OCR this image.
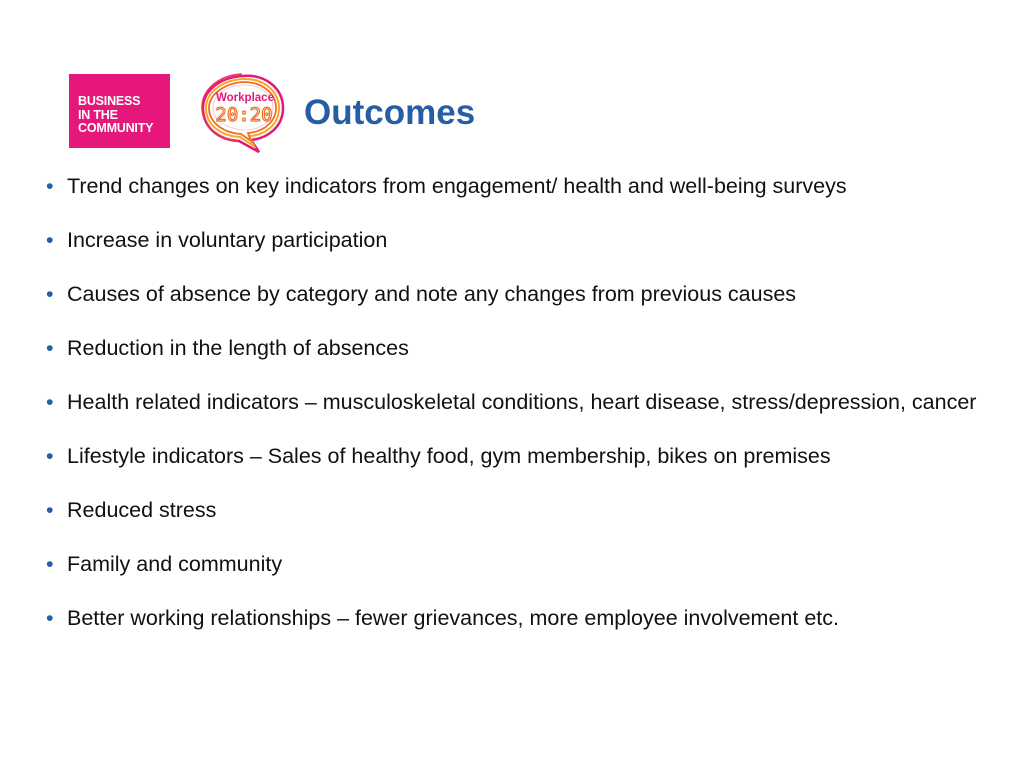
BUSINESS
IN THE
COMMUNITY
Workplace
20:20 Outcomes
• Trend changes on key indicators from engagement/ health and well-being surveys
• Increase in voluntary participation
• Causes of absence by category and note any changes from previous causes
• Reduction in the length of absences
• Health related indicators – musculoskeletal conditions, heart disease, stress/depression, cancer
• Lifestyle indicators – Sales of healthy food, gym membership, bikes on premises
• Reduced stress
• Family and community
• Better working relationships – fewer grievances, more employee involvement etc.
